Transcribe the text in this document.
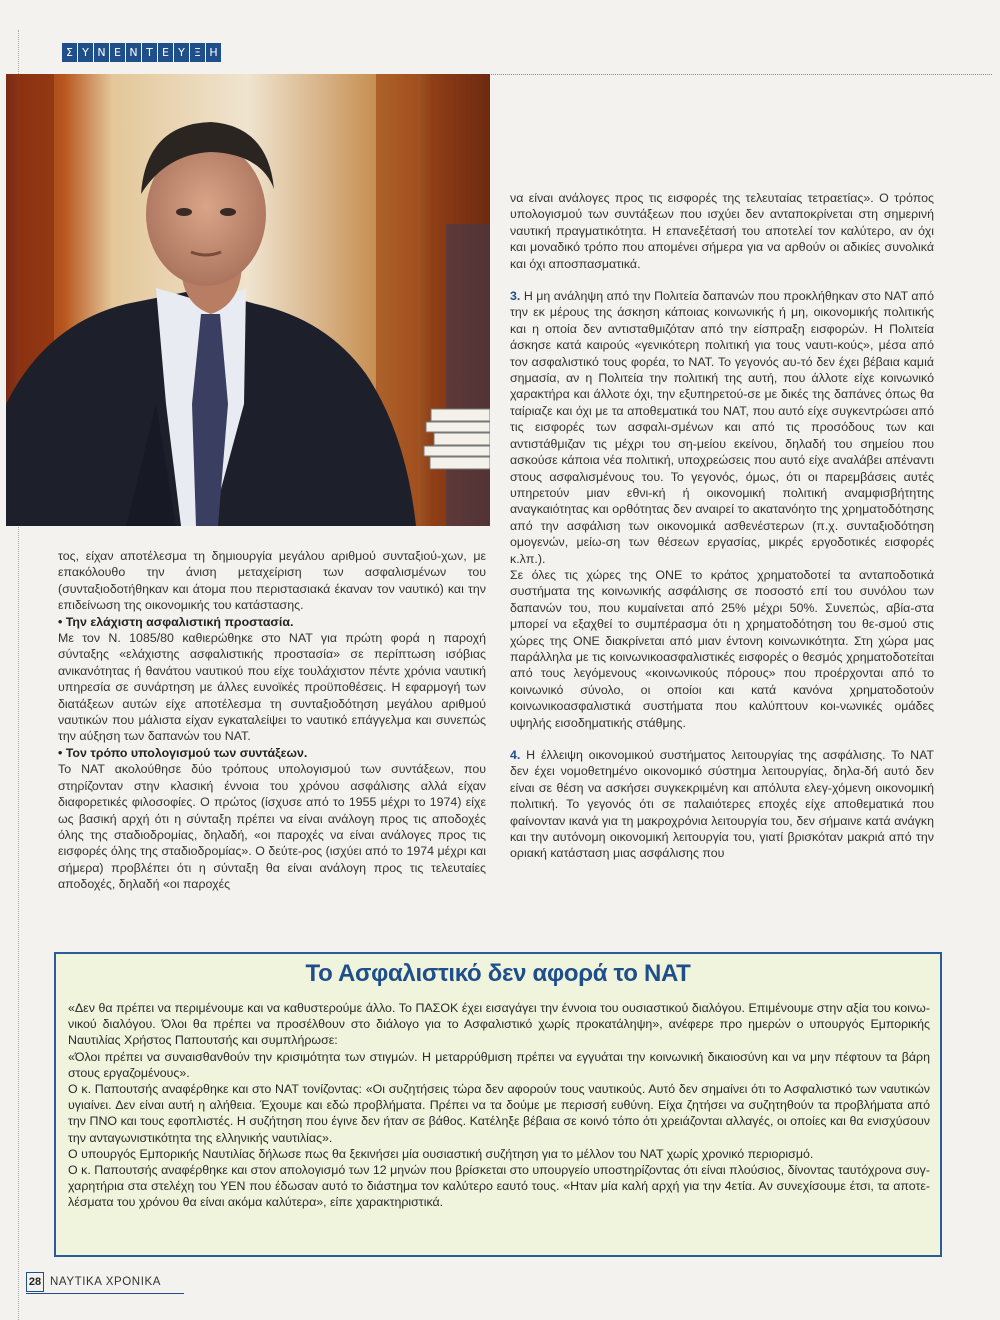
Σ Υ Ν Ε Ν Τ Ε Υ Ξ Η

τος, είχαν αποτέλεσμα τη δημιουργία μεγάλου αριθμού συνταξιού-χων, με επακόλουθο την άνιση μεταχείριση των ασφαλισμένων του (συνταξιοδοτήθηκαν και άτομα που περιστασιακά έκαναν τον ναυτικό) και την επιδείνωση της οικονομικής του κατάστασης.

• Την ελάχιστη ασφαλιστική προστασία.

Με τον Ν. 1085/80 καθιερώθηκε στο ΝΑΤ για πρώτη φορά η παροχή σύνταξης «ελάχιστης ασφαλιστικής προστασία» σε περίπτωση ισόβιας ανικανότητας ή θανάτου ναυτικού που είχε τουλάχιστον πέντε χρόνια ναυτική υπηρεσία σε συνάρτηση με άλλες ευνοϊκές προϋποθέσεις. Η εφαρμογή των διατάξεων αυτών είχε αποτέλεσμα τη συνταξιοδότηση μεγάλου αριθμού ναυτικών που μάλιστα είχαν εγκαταλείψει το ναυτικό επάγγελμα και συνεπώς την αύξηση των δαπανών του ΝΑΤ.

• Τον τρόπο υπολογισμού των συντάξεων.

Το ΝΑΤ ακολούθησε δύο τρόπους υπολογισμού των συντάξεων, που στηρίζονταν στην κλασική έννοια του χρόνου ασφάλισης αλλά είχαν διαφορετικές φιλοσοφίες. Ο πρώτος (ίσχυσε από το 1955 μέχρι το 1974) είχε ως βασική αρχή ότι η σύνταξη πρέπει να είναι ανάλογη προς τις αποδοχές όλης της σταδιοδρομίας, δηλαδή, «οι παροχές να είναι ανάλογες προς τις εισφορές όλης της σταδιοδρομίας». Ο δεύτε-ρος (ισχύει από το 1974 μέχρι και σήμερα) προβλέπει ότι η σύνταξη θα είναι ανάλογη προς τις τελευταίες αποδοχές, δηλαδή «οι παροχές

να είναι ανάλογες προς τις εισφορές της τελευταίας τετραετίας». Ο τρόπος υπολογισμού των συντάξεων που ισχύει δεν ανταποκρίνεται στη σημερινή ναυτική πραγματικότητα. Η επανεξέτασή του αποτελεί τον καλύτερο, αν όχι και μοναδικό τρόπο που απομένει σήμερα για να αρθούν οι αδικίες συνολικά και όχι αποσπασματικά.

3. Η μη ανάληψη από την Πολιτεία δαπανών που προκλήθηκαν στο ΝΑΤ από την εκ μέρους της άσκηση κάποιας κοινωνικής ή μη, οικονομικής πολιτικής και η οποία δεν αντισταθμιζόταν από την είσπραξη εισφορών. Η Πολιτεία άσκησε κατά καιρούς «γενικότερη πολιτική για τους ναυτι-κούς», μέσα από τον ασφαλιστικό τους φορέα, το ΝΑΤ. Το γεγονός αυ-τό δεν έχει βέβαια καμιά σημασία, αν η Πολιτεία την πολιτική της αυτή, που άλλοτε είχε κοινωνικό χαρακτήρα και άλλοτε όχι, την εξυπηρετού-σε με δικές της δαπάνες όπως θα ταίριαζε και όχι με τα αποθεματικά του ΝΑΤ, που αυτό είχε συγκεντρώσει από τις εισφορές των ασφαλι-σμένων και από τις προσόδους των και αντιστάθμιζαν τις μέχρι του ση-μείου εκείνου, δηλαδή του σημείου που ασκούσε κάποια νέα πολιτική, υποχρεώσεις που αυτό είχε αναλάβει απέναντι στους ασφαλισμένους του. Το γεγονός, όμως, ότι οι παρεμβάσεις αυτές υπηρετούν μιαν εθνι-κή ή οικονομική πολιτική αναμφισβήτητης αναγκαιότητας και ορθότητας δεν αναιρεί το ακατανόητο της χρηματοδότησης από την ασφάλιση των οικονομικά ασθενέστερων (π.χ. συνταξιοδότηση ομογενών, μείω-ση των θέσεων εργασίας, μικρές εργοδοτικές εισφορές κ.λπ.).

Σε όλες τις χώρες της ΟΝΕ το κράτος χρηματοδοτεί τα ανταποδοτικά συστήματα της κοινωνικής ασφάλισης σε ποσοστό επί του συνόλου των δαπανών του, που κυμαίνεται από 25% μέχρι 50%. Συνεπώς, αβία-στα μπορεί να εξαχθεί το συμπέρασμα ότι η χρηματοδότηση του θε-σμού στις χώρες της ΟΝΕ διακρίνεται από μιαν έντονη κοινωνικότητα. Στη χώρα μας παράλληλα με τις κοινωνικοασφαλιστικές εισφορές ο θεσμός χρηματοδοτείται από τους λεγόμενους «κοινωνικούς πόρους» που προέρχονται από το κοινωνικό σύνολο, οι οποίοι και κατά κανόνα χρηματοδοτούν κοινωνικοασφαλιστικά συστήματα που καλύπτουν κοι-νωνικές ομάδες υψηλής εισοδηματικής στάθμης.

4. Η έλλειψη οικονομικού συστήματος λειτουργίας της ασφάλισης. Το ΝΑΤ δεν έχει νομοθετημένο οικονομικό σύστημα λειτουργίας, δηλα-δή αυτό δεν είναι σε θέση να ασκήσει συγκεκριμένη και απόλυτα ελεγ-χόμενη οικονομική πολιτική. Το γεγονός ότι σε παλαιότερες εποχές είχε αποθεματικά που φαίνονταν ικανά για τη μακροχρόνια λειτουργία του, δεν σήμαινε κατά ανάγκη και την αυτόνομη οικονομική λειτουργία του, γιατί βρισκόταν μακριά από την οριακή κατάσταση μιας ασφάλισης που

Το Ασφαλιστικό δεν αφορά το ΝΑΤ

«Δεν θα πρέπει να περιμένουμε και να καθυστερούμε άλλο. Το ΠΑΣΟΚ έχει εισαγάγει την έννοια του ουσιαστικού διαλόγου. Επιμένουμε στην αξία του κοινω-νικού διαλόγου. Όλοι θα πρέπει να προσέλθουν στο διάλογο για το Ασφαλιστικό χωρίς προκατάληψη», ανέφερε προ ημερών ο υπουργός Εμπορικής Ναυτιλίας Χρήστος Παπουτσής και συμπλήρωσε:

«Όλοι πρέπει να συναισθανθούν την κρισιμότητα των στιγμών. Η μεταρρύθμιση πρέπει να εγγυάται την κοινωνική δικαιοσύνη και να μην πέφτουν τα βάρη στους εργαζομένους».

Ο κ. Παπουτσής αναφέρθηκε και στο ΝΑΤ τονίζοντας: «Οι συζητήσεις τώρα δεν αφορούν τους ναυτικούς. Αυτό δεν σημαίνει ότι το Ασφαλιστικό των ναυτικών υγιαίνει. Δεν είναι αυτή η αλήθεια. Έχουμε και εδώ προβλήματα. Πρέπει να τα δούμε με περισσή ευθύνη. Είχα ζητήσει να συζητηθούν τα προβλήματα από την ΠΝΟ και τους εφοπλιστές. Η συζήτηση που έγινε δεν ήταν σε βάθος. Κατέληξε βέβαια σε κοινό τόπο ότι χρειάζονται αλλαγές, οι οποίες και θα ενισχύσουν την ανταγωνιστικότητα της ελληνικής ναυτιλίας».

Ο υπουργός Εμπορικής Ναυτιλίας δήλωσε πως θα ξεκινήσει μία ουσιαστική συζήτηση για το μέλλον του ΝΑΤ χωρίς χρονικό περιορισμό.

Ο κ. Παπουτσής αναφέρθηκε και στον απολογισμό των 12 μηνών που βρίσκεται στο υπουργείο υποστηρίζοντας ότι είναι πλούσιος, δίνοντας ταυτόχρονα συγ-χαρητήρια στα στελέχη του ΥΕΝ που έδωσαν αυτό το διάστημα τον καλύτερο εαυτό τους. «Ηταν μία καλή αρχή για την 4ετία. Αν συνεχίσουμε έτσι, τα αποτε-λέσματα του χρόνου θα είναι ακόμα καλύτερα», είπε χαρακτηριστικά.

28 ΝΑΥΤΙΚΑ ΧΡΟΝΙΚΑ
